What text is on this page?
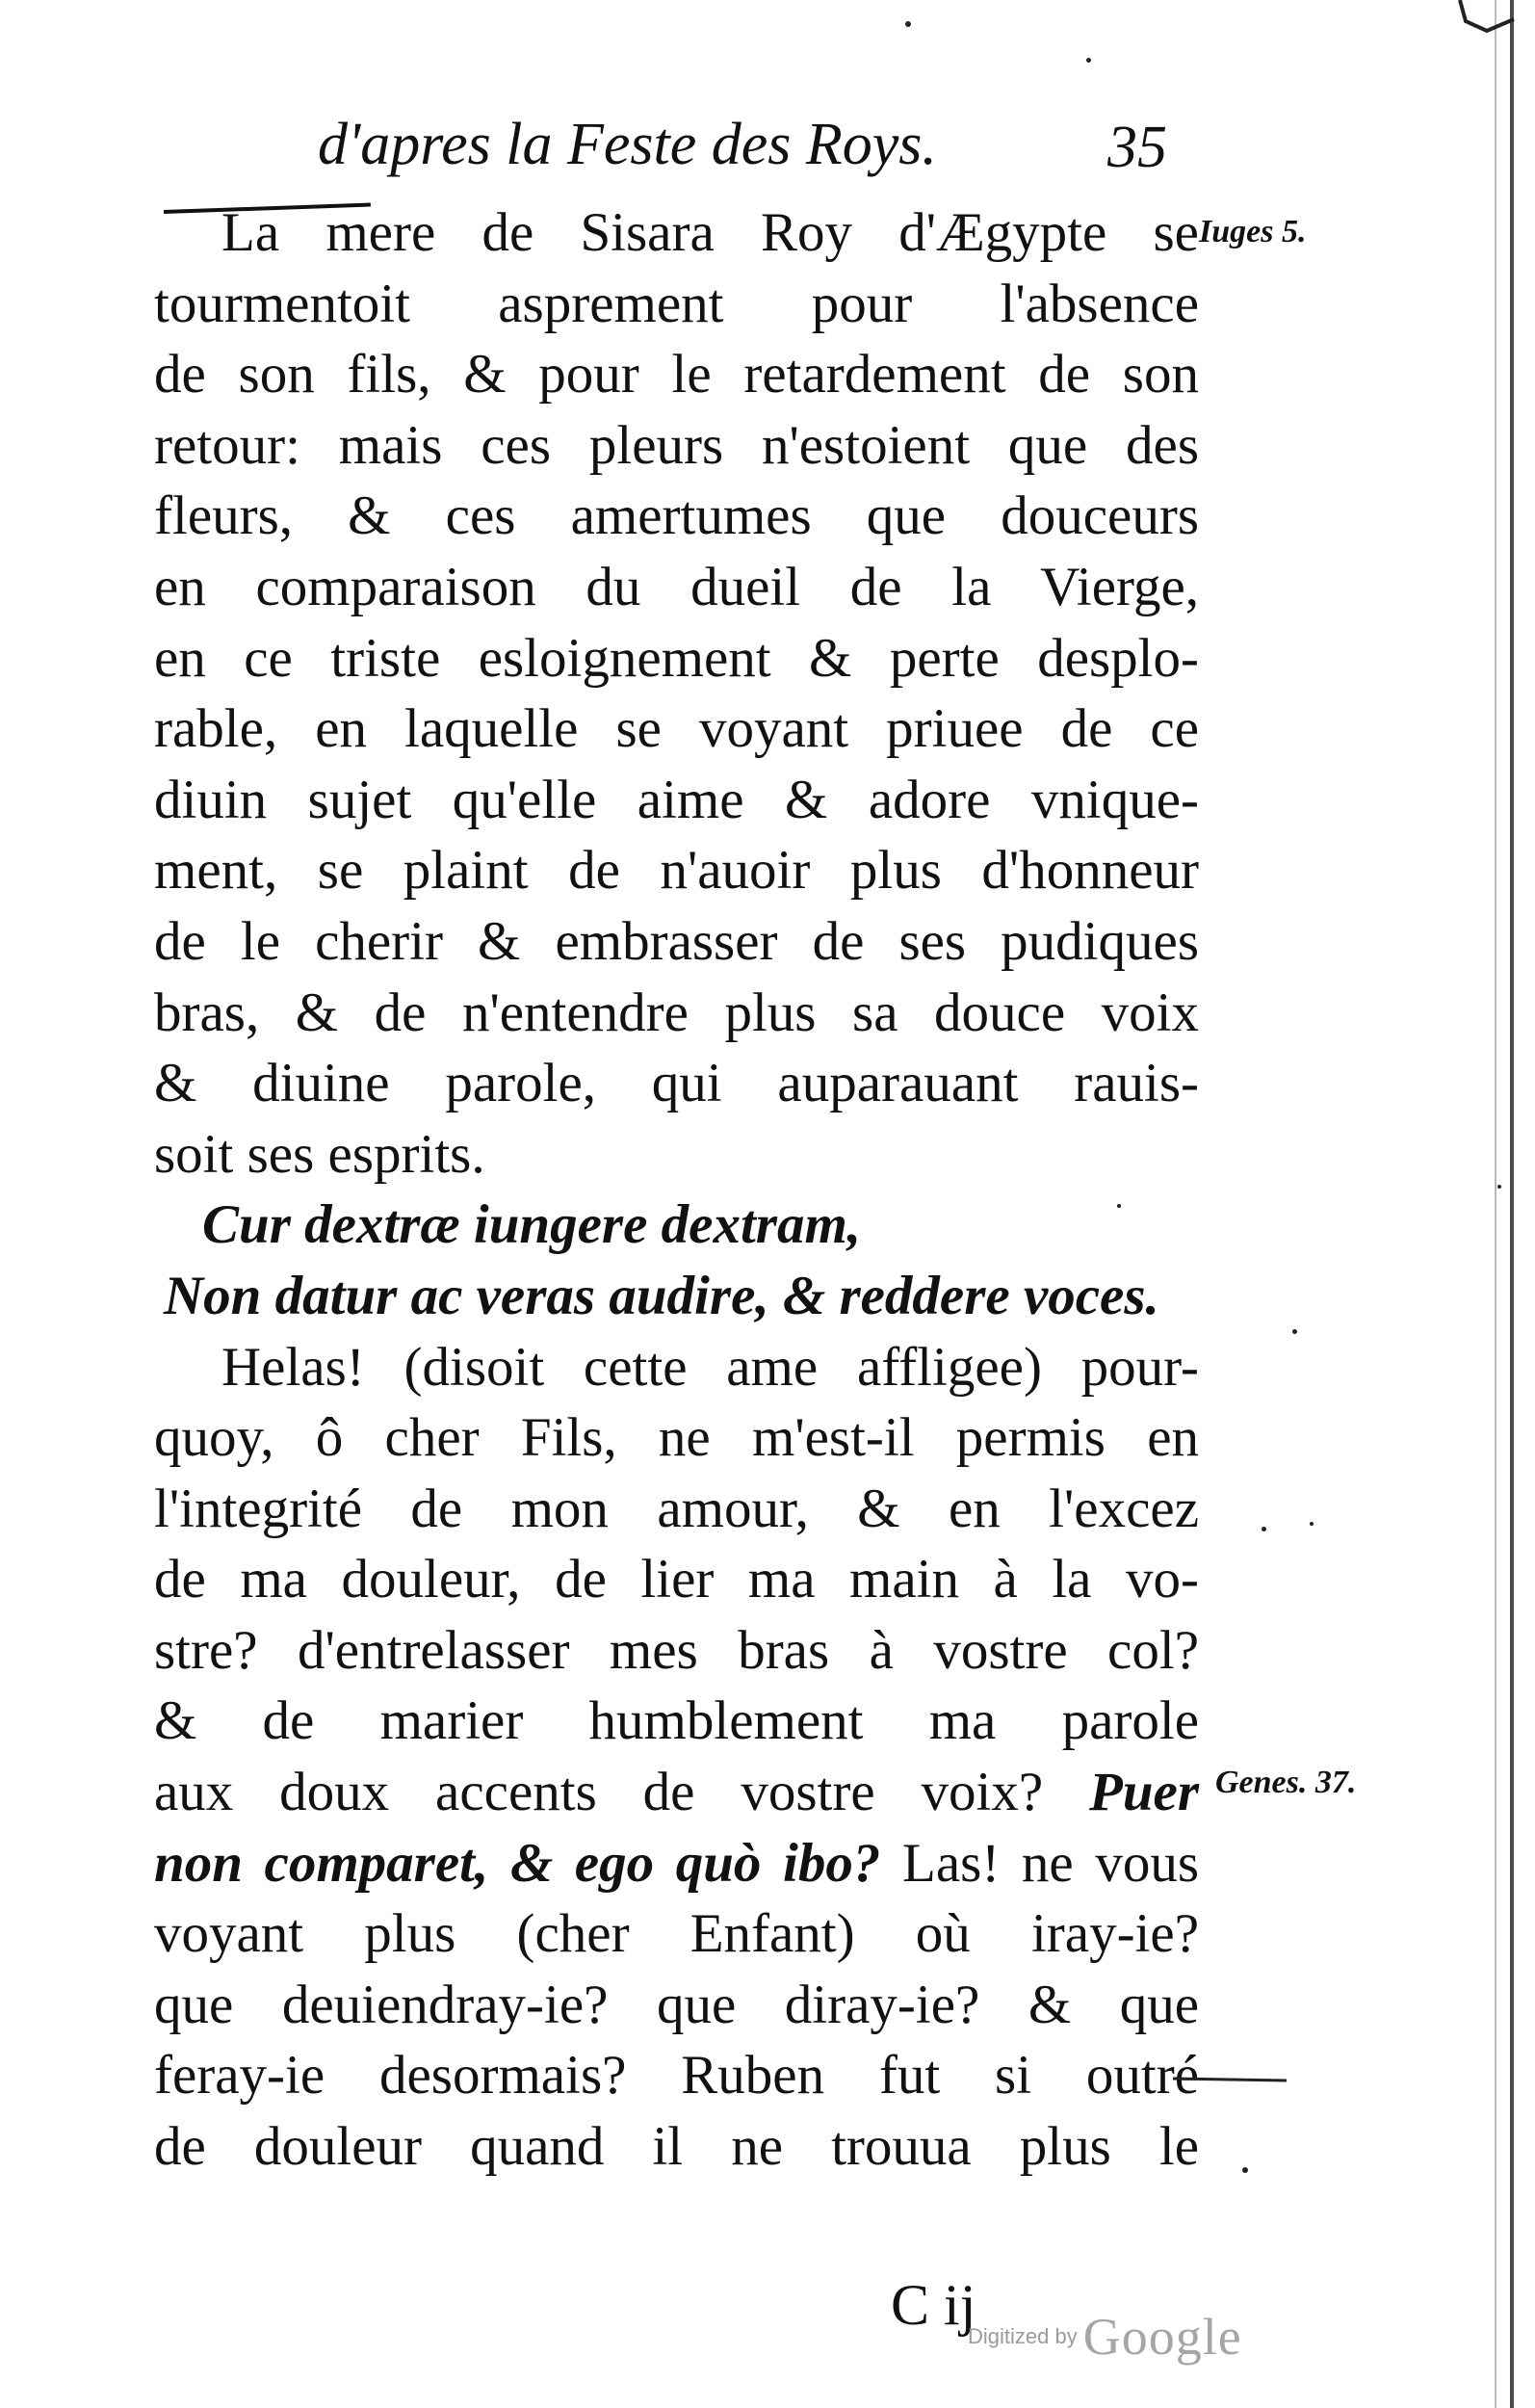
d'apres la Feste des Roys.	35
Iuges 5.
Genes. 37.
La mere de Sisara Roy d'Ægypte se
tourmentoit asprement pour l'absence
de son fils, & pour le retardement de son
retour: mais ces pleurs n'estoient que des
fleurs, & ces amertumes que douceurs
en comparaison du dueil de la Vierge,
en ce triste esloignement & perte desplo-
rable, en laquelle se voyant priuee de ce
diuin sujet qu'elle aime & adore vnique-
ment, se plaint de n'auoir plus d'honneur
de le cherir & embrasser de ses pudiques
bras, & de n'entendre plus sa douce voix
& diuine parole, qui auparauant rauis-
soit ses esprits.
Cur dextræ iungere dextram,
Non datur ac veras audire, & reddere voces.
Helas! (disoit cette ame affligee) pour-
quoy, ô cher Fils, ne m'est-il permis en
l'integrité de mon amour, & en l'excez
de ma douleur, de lier ma main à la vo-
stre? d'entrelasser mes bras à vostre col?
& de marier humblement ma parole
aux doux accents de vostre voix? Puer
non comparet, & ego quò ibo? Las! ne vous
voyant plus (cher Enfant) où iray-ie?
que deuiendray-ie? que diray-ie? & que
feray-ie desormais? Ruben fut si outré
de douleur quand il ne trouua plus le
C ij
Digitized by Google
